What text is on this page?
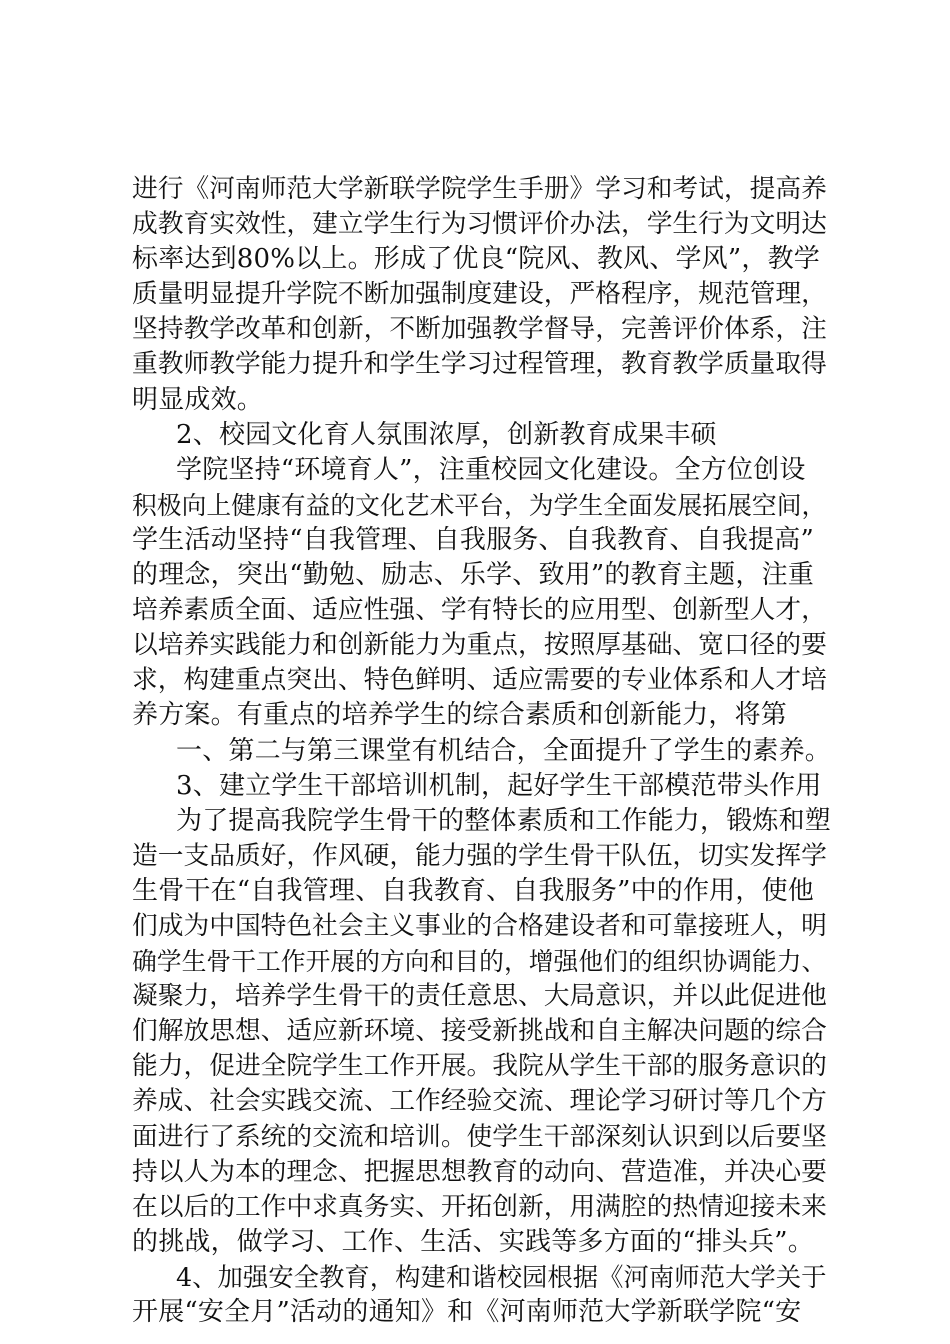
进行《河南师范大学新联学院学生手册》学习和考试，提高养
成教育实效性，建立学生行为习惯评价办法，学生行为文明达
标率达到80%以上。形成了优良“院风、教风、学风”，教学
质量明显提升学院不断加强制度建设，严格程序，规范管理，
坚持教学改革和创新，不断加强教学督导，完善评价体系，注
重教师教学能力提升和学生学习过程管理，教育教学质量取得
明显成效。
2、校园文化育人氛围浓厚，创新教育成果丰硕
学院坚持“环境育人”，注重校园文化建设。全方位创设
积极向上健康有益的文化艺术平台，为学生全面发展拓展空间，
学生活动坚持“自我管理、自我服务、自我教育、自我提高”
的理念，突出“勤勉、励志、乐学、致用”的教育主题，注重
培养素质全面、适应性强、学有特长的应用型、创新型人才，
以培养实践能力和创新能力为重点，按照厚基础、宽口径的要
求，构建重点突出、特色鲜明、适应需要的专业体系和人才培
养方案。有重点的培养学生的综合素质和创新能力，将第
一、第二与第三课堂有机结合，全面提升了学生的素养。
3、建立学生干部培训机制，起好学生干部模范带头作用
为了提高我院学生骨干的整体素质和工作能力，锻炼和塑
造一支品质好，作风硬，能力强的学生骨干队伍，切实发挥学
生骨干在“自我管理、自我教育、自我服务”中的作用，使他
们成为中国特色社会主义事业的合格建设者和可靠接班人，明
确学生骨干工作开展的方向和目的，增强他们的组织协调能力、
凝聚力，培养学生骨干的责任意思、大局意识，并以此促进他
们解放思想、适应新环境、接受新挑战和自主解决问题的综合
能力，促进全院学生工作开展。我院从学生干部的服务意识的
养成、社会实践交流、工作经验交流、理论学习研讨等几个方
面进行了系统的交流和培训。使学生干部深刻认识到以后要坚
持以人为本的理念、把握思想教育的动向、营造准，并决心要
在以后的工作中求真务实、开拓创新，用满腔的热情迎接未来
的挑战，做学习、工作、生活、实践等多方面的“排头兵”。
4、加强安全教育，构建和谐校园根据《河南师范大学关于
开展“安全月”活动的通知》和《河南师范大学新联学院“安
